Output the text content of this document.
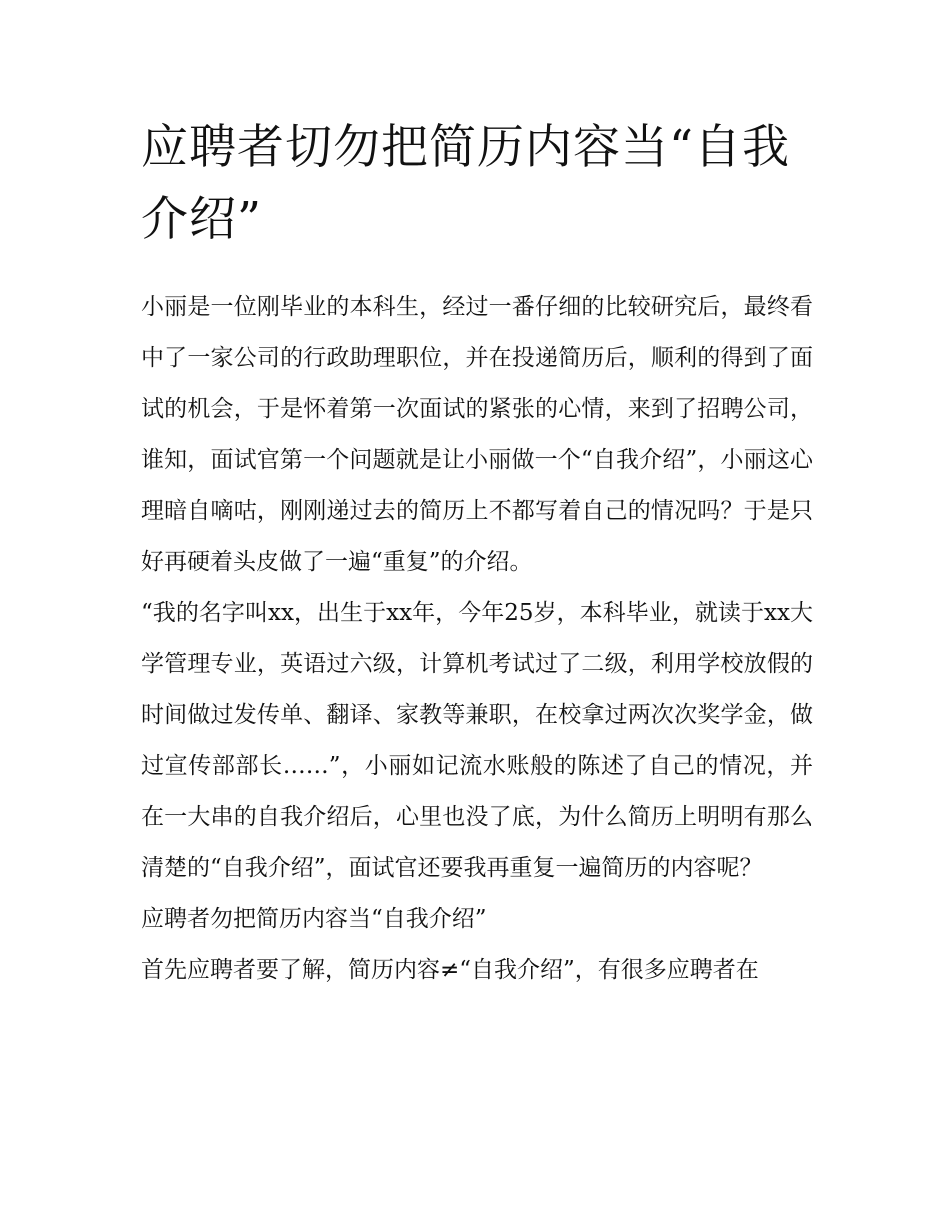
应聘者切勿把简历内容当“自我介绍”

小丽是一位刚毕业的本科生，经过一番仔细的比较研究后，最终看中了一家公司的行政助理职位，并在投递简历后，顺利的得到了面试的机会，于是怀着第一次面试的紧张的心情，来到了招聘公司，谁知，面试官第一个问题就是让小丽做一个“自我介绍”，小丽这心理暗自嘀咕，刚刚递过去的简历上不都写着自己的情况吗？于是只好再硬着头皮做了一遍“重复”的介绍。

“我的名字叫xx，出生于xx年，今年25岁，本科毕业，就读于xx大学管理专业，英语过六级，计算机考试过了二级，利用学校放假的时间做过发传单、翻译、家教等兼职，在校拿过两次次奖学金，做过宣传部部长……”，小丽如记流水账般的陈述了自己的情况，并在一大串的自我介绍后，心里也没了底，为什么简历上明明有那么清楚的“自我介绍”，面试官还要我再重复一遍简历的内容呢？

应聘者勿把简历内容当“自我介绍”

首先应聘者要了解，简历内容≠“自我介绍”，有很多应聘者在
